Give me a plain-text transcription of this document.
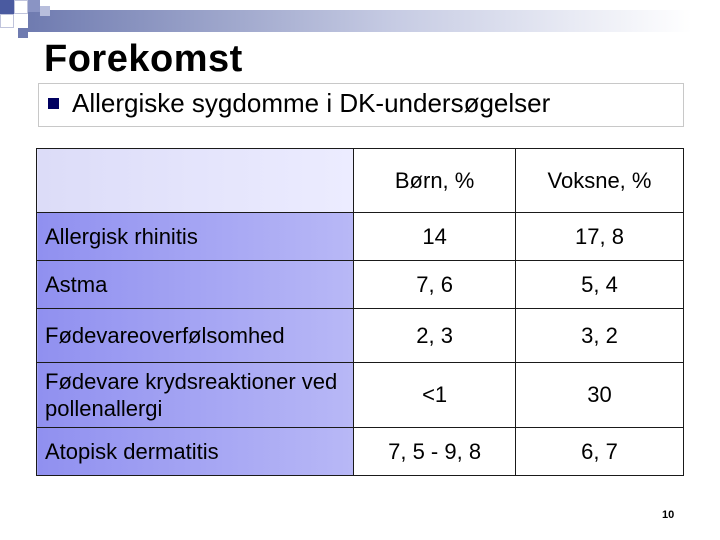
Forekomst
Allergiske sygdomme i DK-undersøgelser
	Børn, %	Voksne, %
Allergisk rhinitis	14	17, 8
Astma	7, 6	5, 4
Fødevareoverfølsomhed	2, 3	3, 2
Fødevare krydsreaktioner ved pollenallergi	<1	30
Atopisk dermatitis	7, 5 - 9, 8	6, 7
10
